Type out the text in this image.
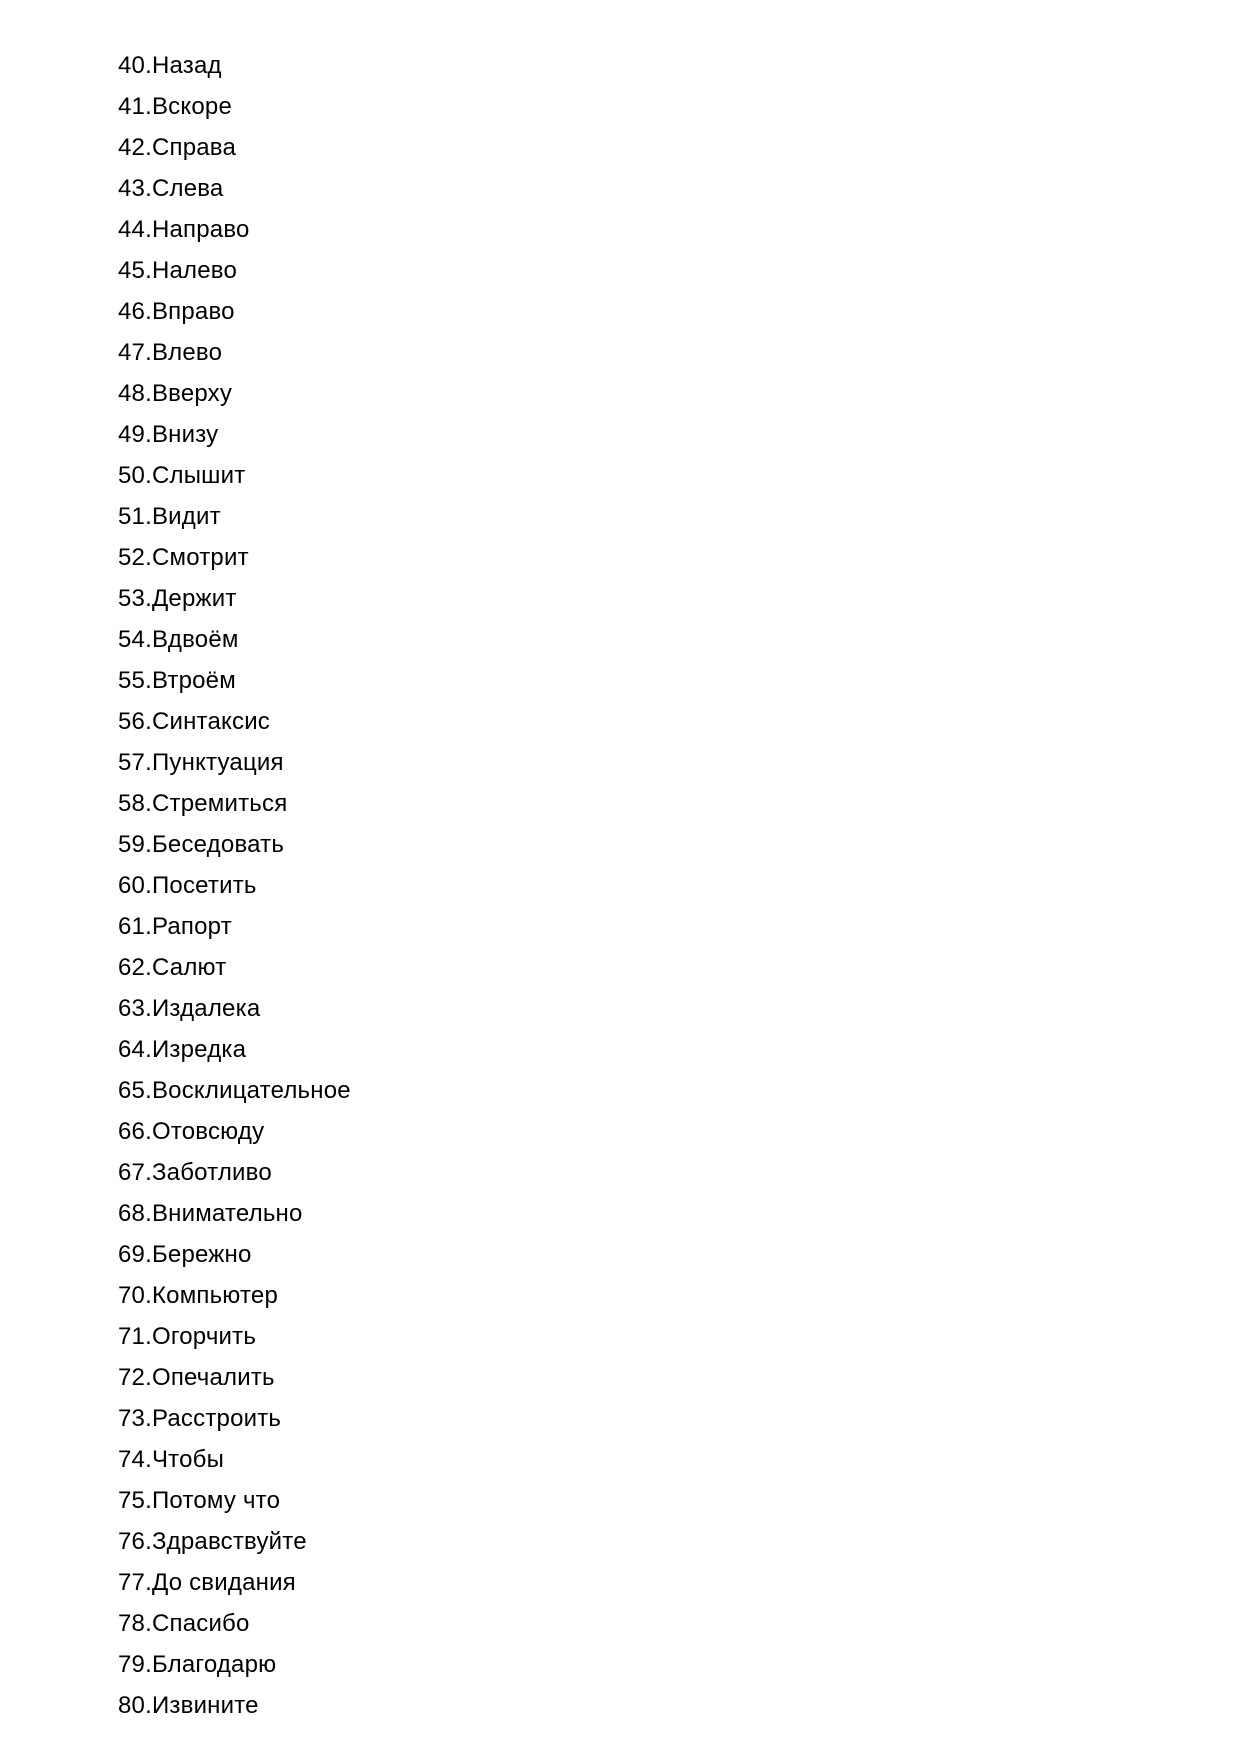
40.Назад
41.Вскоре
42.Справа
43.Слева
44.Направо
45.Налево
46.Вправо
47.Влево
48.Вверху
49.Внизу
50.Слышит
51.Видит
52.Смотрит
53.Держит
54.Вдвоём
55.Втроём
56.Синтаксис
57.Пунктуация
58.Стремиться
59.Беседовать
60.Посетить
61.Рапорт
62.Салют
63.Издалека
64.Изредка
65.Восклицательное
66.Отовсюду
67.Заботливо
68.Внимательно
69.Бережно
70.Компьютер
71.Огорчить
72.Опечалить
73.Расстроить
74.Чтобы
75.Потому что
76.Здравствуйте
77.До свидания
78.Спасибо
79.Благодарю
80.Извините
